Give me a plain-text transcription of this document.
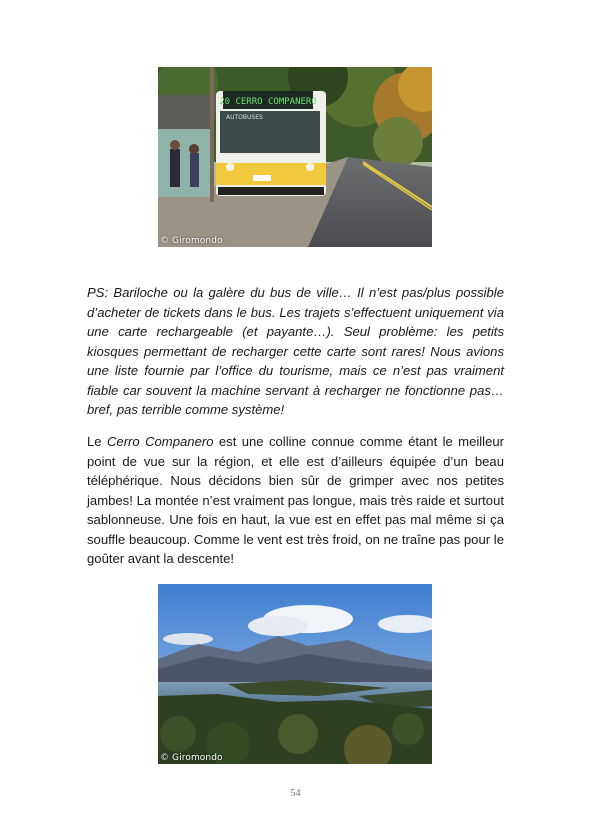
20 CERRO COMPANERO
AUTOBUSES
© Giromondo

PS: Bariloche ou la galère du bus de ville… Il n’est pas/plus possible d’acheter de tickets dans le bus. Les trajets s’effectuent uniquement via une carte rechargeable (et payante…). Seul problème: les petits kiosques permettant de recharger cette carte sont rares! Nous avions une liste fournie par l’office du tourisme, mais ce n’est pas vraiment fiable car souvent la machine servant à recharger ne fonctionne pas… bref, pas terrible comme système!

Le Cerro Companero est une colline connue comme étant le meilleur point de vue sur la région, et elle est d’ailleurs équipée d’un beau téléphérique. Nous décidons bien sûr de grimper avec nos petites jambes! La montée n’est vraiment pas longue, mais très raide et surtout sablonneuse. Une fois en haut, la vue est en effet pas mal même si ça souffle beaucoup. Comme le vent est très froid, on ne traîne pas pour le goûter avant la descente!

© Giromondo
54
